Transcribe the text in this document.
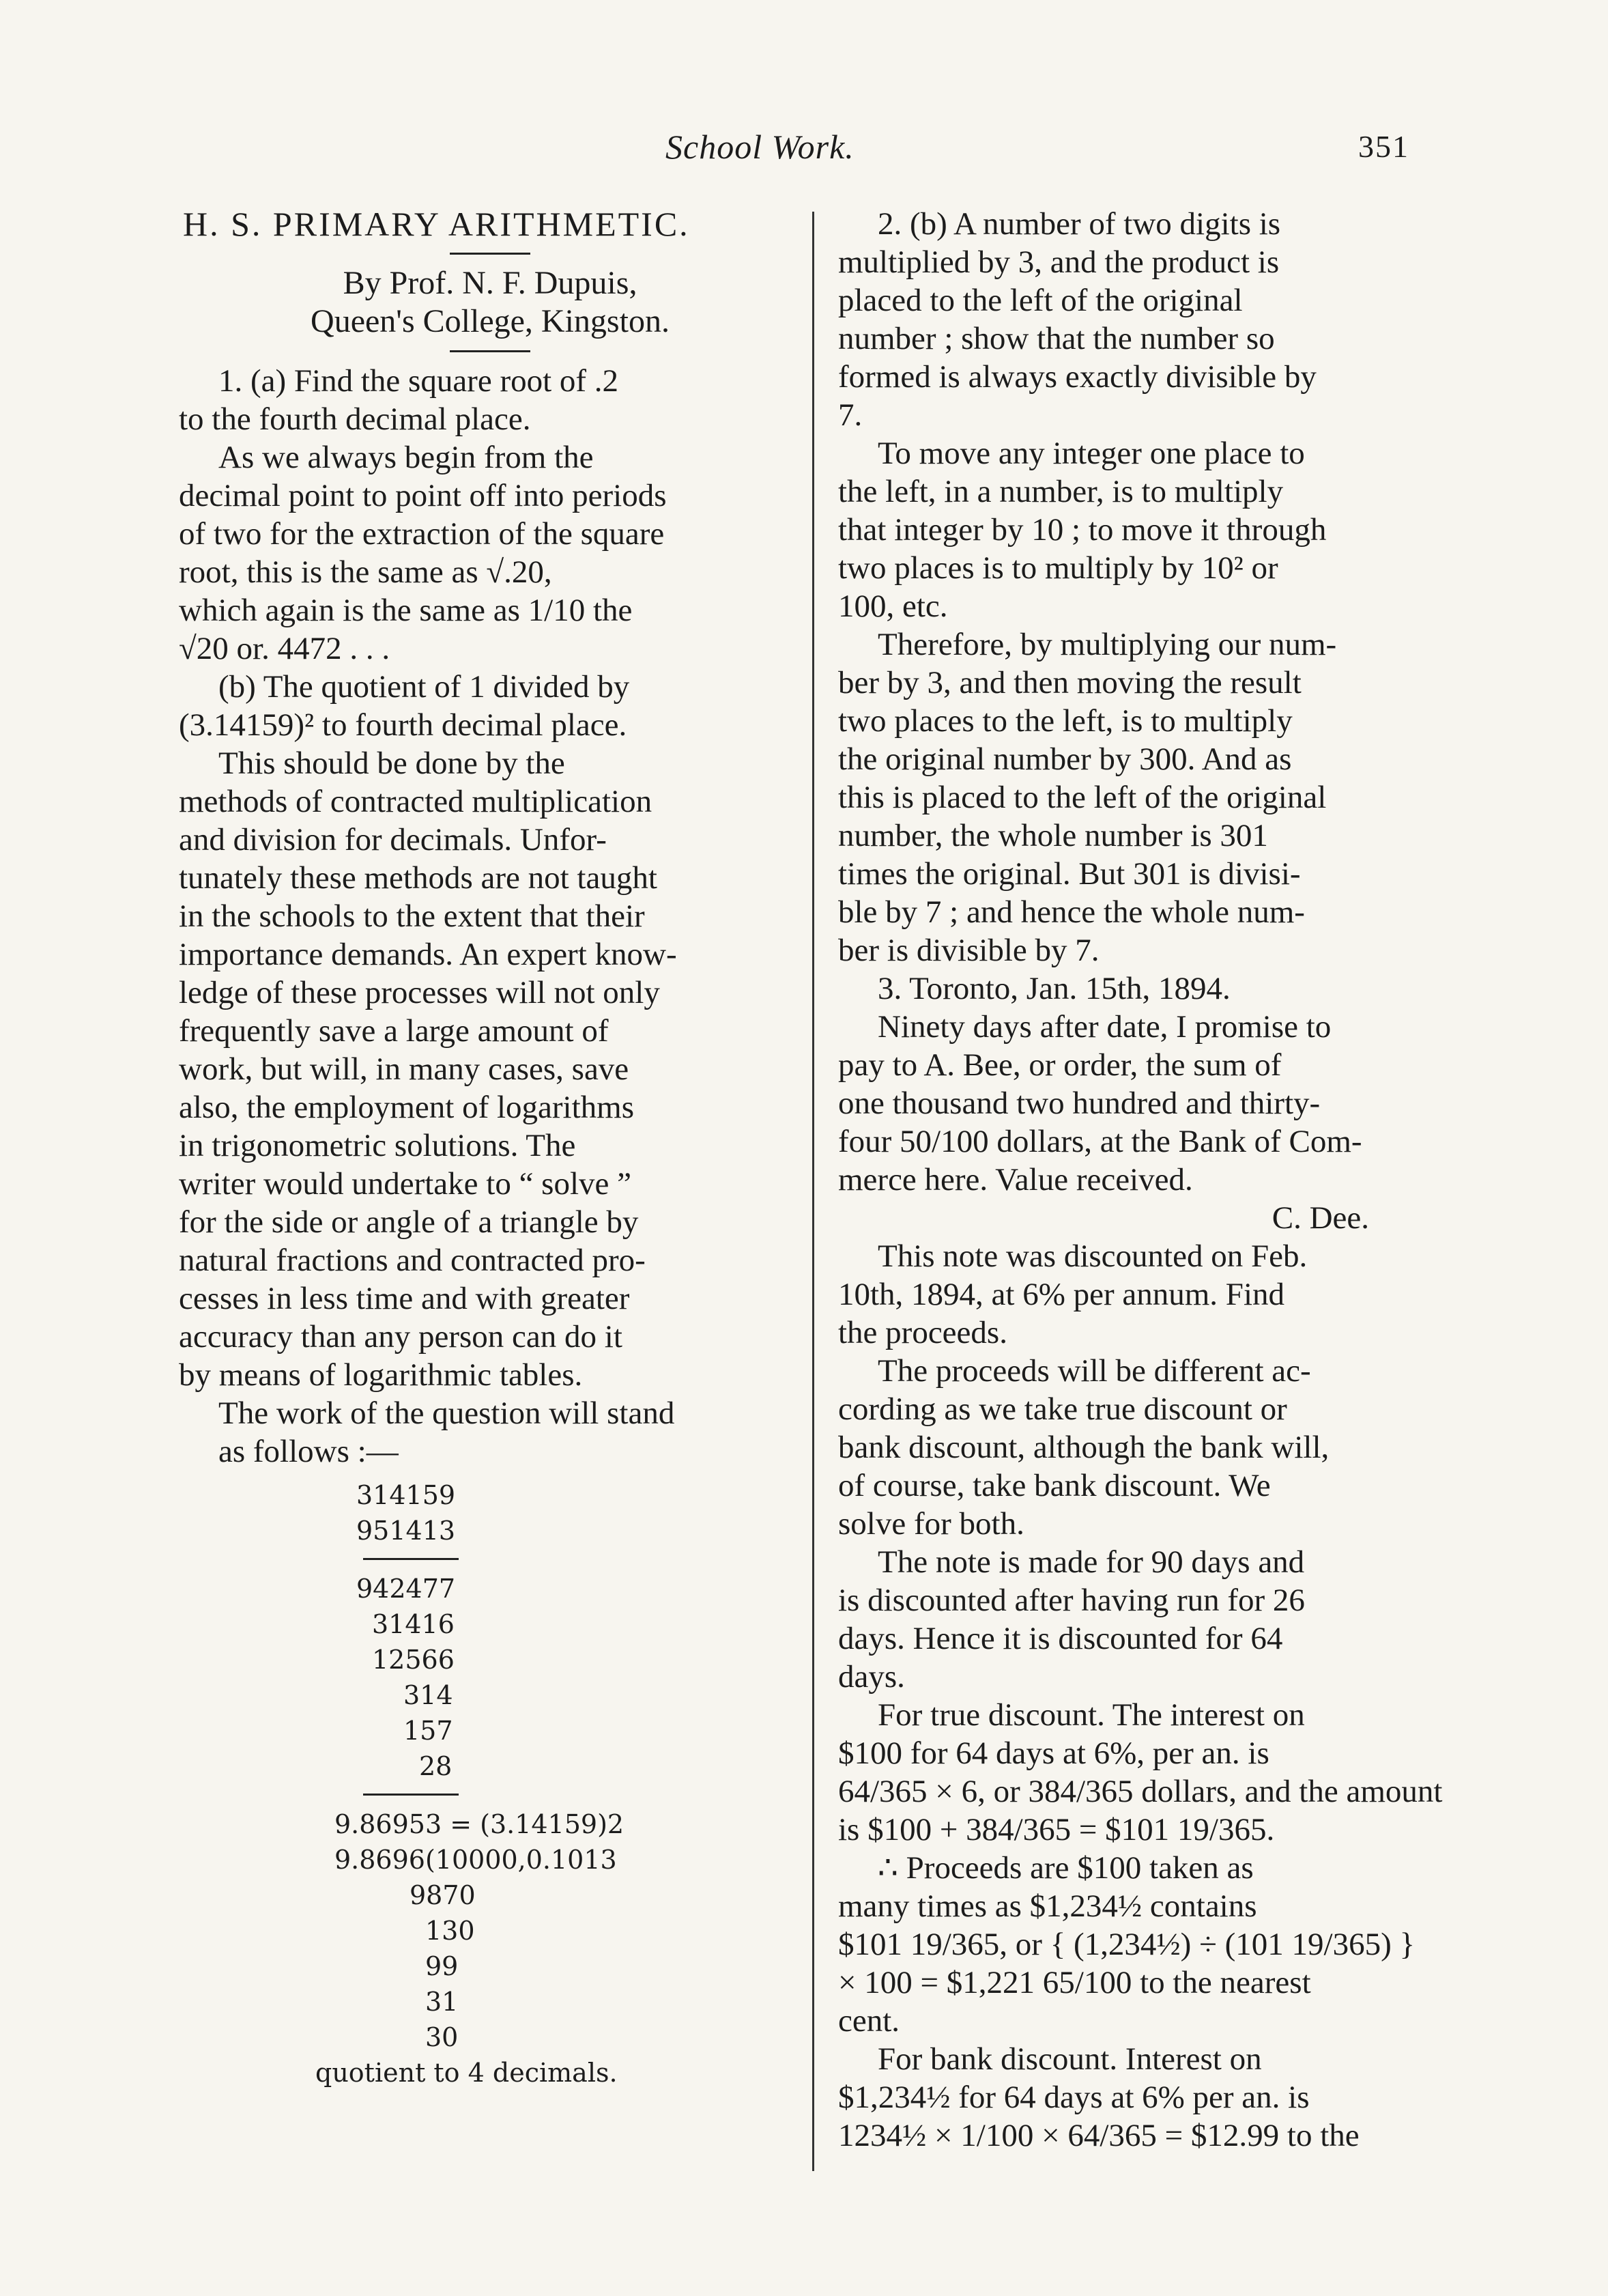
School Work.	351

H. S. PRIMARY ARITHMETIC.

By Prof. N. F. Dupuis,

Queen's College, Kingston.

1. (a) Find the square root of .2
to the fourth decimal place.

As we always begin from the
decimal point to point off into periods
of two for the extraction of the square
root, this is the same as √.20,
which again is the same as 1/10 the
√20 or. 4472 . . .

(b) The quotient of 1 divided by
(3.14159)² to fourth decimal place.

This should be done by the
methods of contracted multiplication
and division for decimals. Unfor-
tunately these methods are not taught
in the schools to the extent that their
importance demands. An expert know-
ledge of these processes will not only
frequently save a large amount of
work, but will, in many cases, save
also, the employment of logarithms
in trigonometric solutions. The
writer would undertake to “ solve ”
for the side or angle of a triangle by
natural fractions and contracted pro-
cesses in less time and with greater
accuracy than any person can do it
by means of logarithmic tables.

The work of the question will stand
as follows :—

314159
951413
942477
31416
12566
314
157
28
9.86953 = (3.14159)2
9.8696(10000,0.1013
9870
130
99
31
30
quotient to 4 decimals.

2. (b) A number of two digits is
multiplied by 3, and the product is
placed to the left of the original
number ; show that the number so
formed is always exactly divisible by
7.

To move any integer one place to
the left, in a number, is to multiply
that integer by 10 ; to move it through
two places is to multiply by 10² or
100, etc.

Therefore, by multiplying our num-
ber by 3, and then moving the result
two places to the left, is to multiply
the original number by 300. And as
this is placed to the left of the original
number, the whole number is 301
times the original. But 301 is divisi-
ble by 7 ; and hence the whole num-
ber is divisible by 7.

3. Toronto, Jan. 15th, 1894.

Ninety days after date, I promise to
pay to A. Bee, or order, the sum of
one thousand two hundred and thirty-
four 50/100 dollars, at the Bank of Com-
merce here. Value received.

C. Dee.

This note was discounted on Feb.
10th, 1894, at 6% per annum. Find
the proceeds.

The proceeds will be different ac-
cording as we take true discount or
bank discount, although the bank will,
of course, take bank discount. We
solve for both.

The note is made for 90 days and
is discounted after having run for 26
days. Hence it is discounted for 64
days.

For true discount. The interest on
$100 for 64 days at 6%, per an. is
64/365 × 6, or 384/365 dollars, and the amount
is $100 + 384/365 = $101 19/365.

∴ Proceeds are $100 taken as
many times as $1,234½ contains
$101 19/365, or { (1,234½) ÷ (101 19/365) }
× 100 = $1,221 65/100 to the nearest
cent.

For bank discount. Interest on
$1,234½ for 64 days at 6% per an. is
1234½ × 1/100 × 64/365 = $12.99 to the
